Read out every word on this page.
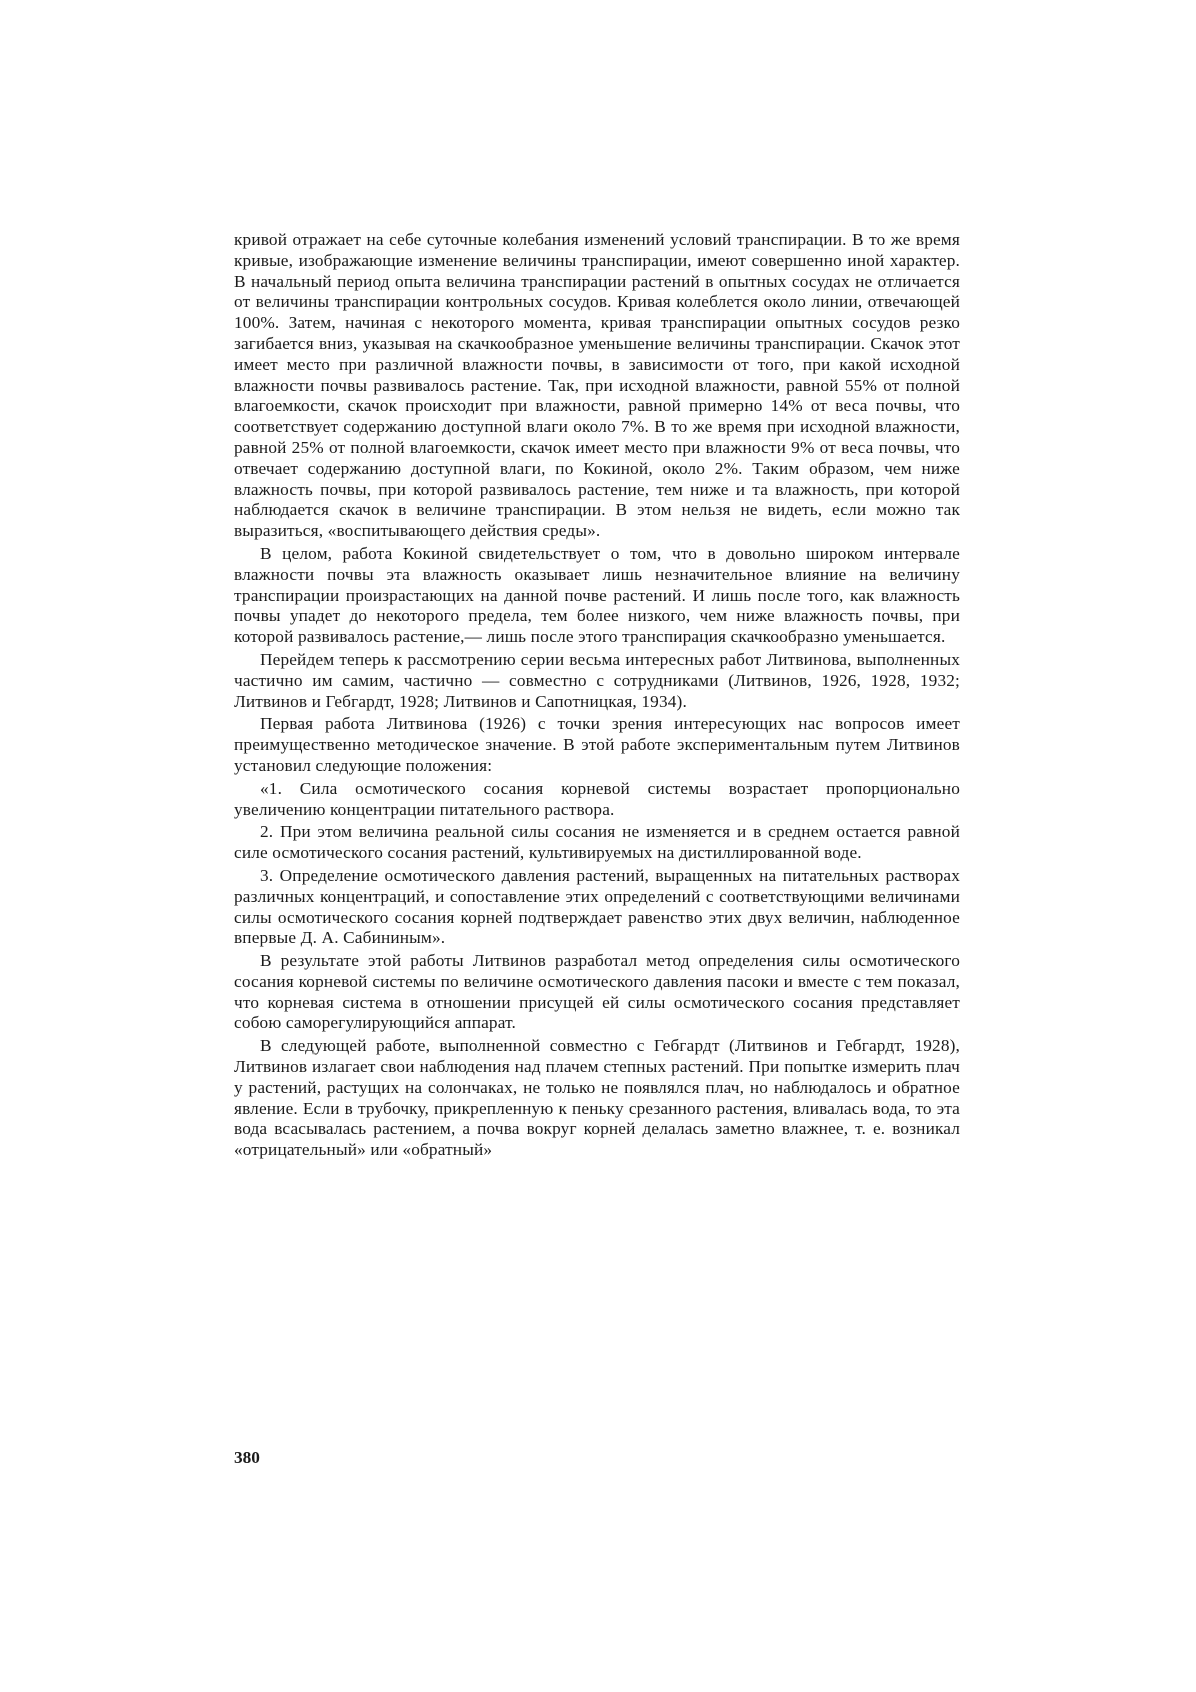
кривой отражает на себе суточные колебания изменений условий транспирации. В то же время кривые, изображающие изменение величины транспирации, имеют совершенно иной характер. В начальный период опыта величина транспирации растений в опытных сосудах не отличается от величины транспирации контрольных сосудов. Кривая колеблется около линии, отвечающей 100%. Затем, начиная с некоторого момента, кривая транспирации опытных сосудов резко загибается вниз, указывая на скачкообразное уменьшение величины транспирации. Скачок этот имеет место при различной влажности почвы, в зависимости от того, при какой исходной влажности почвы развивалось растение. Так, при исходной влажности, равной 55% от полной влагоемкости, скачок происходит при влажности, равной примерно 14% от веса почвы, что соответствует содержанию доступной влаги около 7%. В то же время при исходной влажности, равной 25% от полной влагоемкости, скачок имеет место при влажности 9% от веса почвы, что отвечает содержанию доступной влаги, по Кокиной, около 2%. Таким образом, чем ниже влажность почвы, при которой развивалось растение, тем ниже и та влажность, при которой наблюдается скачок в величине транспирации. В этом нельзя не видеть, если можно так выразиться, «воспитывающего действия среды».

В целом, работа Кокиной свидетельствует о том, что в довольно широком интервале влажности почвы эта влажность оказывает лишь незначительное влияние на величину транспирации произрастающих на данной почве растений. И лишь после того, как влажность почвы упадет до некоторого предела, тем более низкого, чем ниже влажность почвы, при которой развивалось растение,— лишь после этого транспирация скачкообразно уменьшается.

Перейдем теперь к рассмотрению серии весьма интересных работ Литвинова, выполненных частично им самим, частично — совместно с сотрудниками (Литвинов, 1926, 1928, 1932; Литвинов и Гебгардт, 1928; Литвинов и Сапотницкая, 1934).

Первая работа Литвинова (1926) с точки зрения интересующих нас вопросов имеет преимущественно методическое значение. В этой работе экспериментальным путем Литвинов установил следующие положения:

«1. Сила осмотического сосания корневой системы возрастает пропорционально увеличению концентрации питательного раствора.

2. При этом величина реальной силы сосания не изменяется и в среднем остается равной силе осмотического сосания растений, культивируемых на дистиллированной воде.

3. Определение осмотического давления растений, выращенных на питательных растворах различных концентраций, и сопоставление этих определений с соответствующими величинами силы осмотического сосания корней подтверждает равенство этих двух величин, наблюденное впервые Д. А. Сабининым».

В результате этой работы Литвинов разработал метод определения силы осмотического сосания корневой системы по величине осмотического давления пасоки и вместе с тем показал, что корневая система в отношении присущей ей силы осмотического сосания представляет собою саморегулирующийся аппарат.

В следующей работе, выполненной совместно с Гебгардт (Литвинов и Гебгардт, 1928), Литвинов излагает свои наблюдения над плачем степных растений. При попытке измерить плач у растений, растущих на солончаках, не только не появлялся плач, но наблюдалось и обратное явление. Если в трубочку, прикрепленную к пеньку срезанного растения, вливалась вода, то эта вода всасывалась растением, а почва вокруг корней делалась заметно влажнее, т. е. возникал «отрицательный» или «обратный»

380
